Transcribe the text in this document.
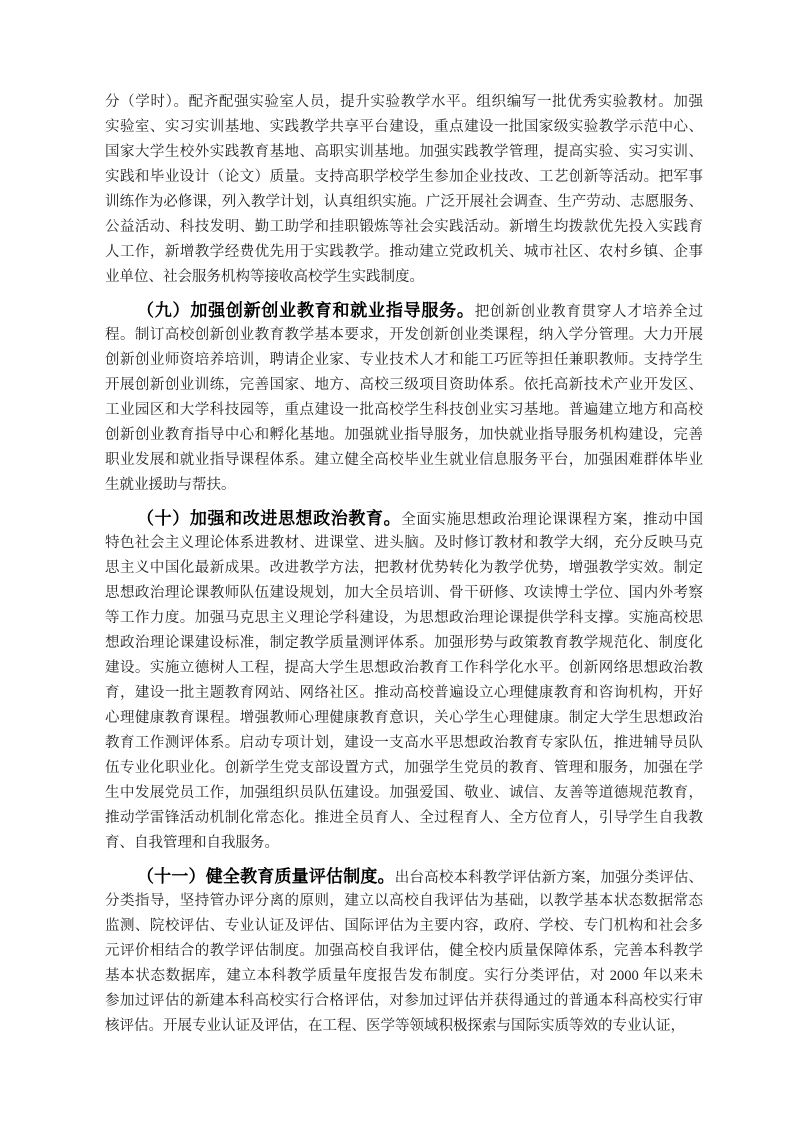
分（学时）。配齐配强实验室人员，提升实验教学水平。组织编写一批优秀实验教材。加强
实验室、实习实训基地、实践教学共享平台建设，重点建设一批国家级实验教学示范中心、
国家大学生校外实践教育基地、高职实训基地。加强实践教学管理，提高实验、实习实训、
实践和毕业设计（论文）质量。支持高职学校学生参加企业技改、工艺创新等活动。把军事
训练作为必修课，列入教学计划，认真组织实施。广泛开展社会调查、生产劳动、志愿服务、
公益活动、科技发明、勤工助学和挂职锻炼等社会实践活动。新增生均拨款优先投入实践育
人工作，新增教学经费优先用于实践教学。推动建立党政机关、城市社区、农村乡镇、企事
业单位、社会服务机构等接收高校学生实践制度。
（九）加强创新创业教育和就业指导服务。把创新创业教育贯穿人才培养全过
程。制订高校创新创业教育教学基本要求，开发创新创业类课程，纳入学分管理。大力开展
创新创业师资培养培训，聘请企业家、专业技术人才和能工巧匠等担任兼职教师。支持学生
开展创新创业训练，完善国家、地方、高校三级项目资助体系。依托高新技术产业开发区、
工业园区和大学科技园等，重点建设一批高校学生科技创业实习基地。普遍建立地方和高校
创新创业教育指导中心和孵化基地。加强就业指导服务，加快就业指导服务机构建设，完善
职业发展和就业指导课程体系。建立健全高校毕业生就业信息服务平台，加强困难群体毕业
生就业援助与帮扶。
（十）加强和改进思想政治教育。全面实施思想政治理论课课程方案，推动中国
特色社会主义理论体系进教材、进课堂、进头脑。及时修订教材和教学大纲，充分反映马克
思主义中国化最新成果。改进教学方法，把教材优势转化为教学优势，增强教学实效。制定
思想政治理论课教师队伍建设规划，加大全员培训、骨干研修、攻读博士学位、国内外考察
等工作力度。加强马克思主义理论学科建设，为思想政治理论课提供学科支撑。实施高校思
想政治理论课建设标准，制定教学质量测评体系。加强形势与政策教育教学规范化、制度化
建设。实施立德树人工程，提高大学生思想政治教育工作科学化水平。创新网络思想政治教
育，建设一批主题教育网站、网络社区。推动高校普遍设立心理健康教育和咨询机构，开好
心理健康教育课程。增强教师心理健康教育意识，关心学生心理健康。制定大学生思想政治
教育工作测评体系。启动专项计划，建设一支高水平思想政治教育专家队伍，推进辅导员队
伍专业化职业化。创新学生党支部设置方式，加强学生党员的教育、管理和服务，加强在学
生中发展党员工作，加强组织员队伍建设。加强爱国、敬业、诚信、友善等道德规范教育，
推动学雷锋活动机制化常态化。推进全员育人、全过程育人、全方位育人，引导学生自我教
育、自我管理和自我服务。
（十一）健全教育质量评估制度。出台高校本科教学评估新方案，加强分类评估、
分类指导，坚持管办评分离的原则，建立以高校自我评估为基础，以教学基本状态数据常态
监测、院校评估、专业认证及评估、国际评估为主要内容，政府、学校、专门机构和社会多
元评价相结合的教学评估制度。加强高校自我评估，健全校内质量保障体系，完善本科教学
基本状态数据库，建立本科教学质量年度报告发布制度。实行分类评估，对 2000 年以来未
参加过评估的新建本科高校实行合格评估，对参加过评估并获得通过的普通本科高校实行审
核评估。开展专业认证及评估，在工程、医学等领域积极探索与国际实质等效的专业认证，
